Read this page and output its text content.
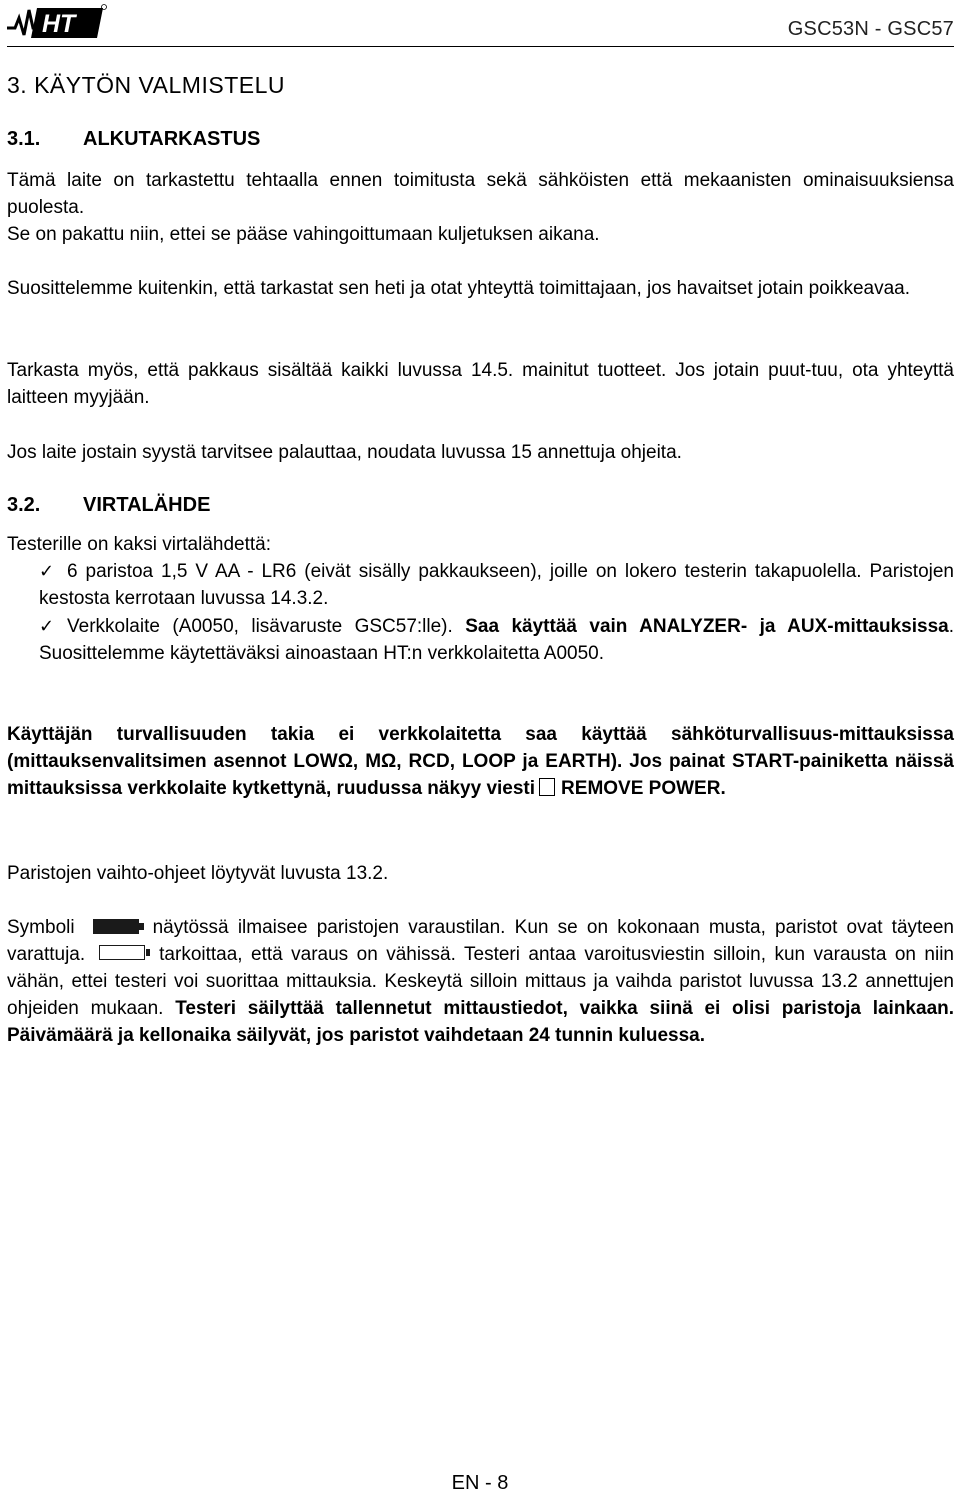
HT	GSC53N - GSC57
3. KÄYTÖN VALMISTELU
3.1.	ALKUTARKASTUS

Tämä laite on tarkastettu tehtaalla ennen toimitusta sekä sähköisten että mekaanisten ominaisuuksiensa puolesta.

Se on pakattu niin, ettei se pääse vahingoittumaan kuljetuksen aikana.

Suosittelemme kuitenkin, että tarkastat sen heti ja otat yhteyttä toimittajaan, jos havaitset jotain poikkeavaa.

Tarkasta myös, että pakkaus sisältää kaikki luvussa 14.5. mainitut tuotteet. Jos jotain puut-tuu, ota yhteyttä laitteen myyjään.

Jos laite jostain syystä tarvitsee palauttaa, noudata luvussa 15 annettuja ohjeita.

3.2.	VIRTALÄHDE

Testerille on kaksi virtalähdettä:

✓ 6 paristoa 1,5 V AA - LR6 (eivät sisälly pakkaukseen), joille on lokero testerin takapuolella. Paristojen kestosta kerrotaan luvussa 14.3.2.
✓ Verkkolaite (A0050, lisävaruste GSC57:lle). Saa käyttää vain ANALYZER- ja AUX-mittauksissa. Suosittelemme käytettäväksi ainoastaan HT:n verkkolaitetta A0050.

Käyttäjän turvallisuuden takia ei verkkolaitetta saa käyttää sähköturvallisuus-mittauksissa (mittauksenvalitsimen asennot LOWΩ, MΩ, RCD, LOOP ja EARTH). Jos painat START-painiketta näissä mittauksissa verkkolaite kytkettynä, ruudussa näkyy viesti REMOVE POWER.

Paristojen vaihto-ohjeet löytyvät luvusta 13.2.

Symboli	näytössä ilmaisee paristojen varaustilan. Kun se on kokonaan musta, paristot ovat täyteen varattuja.	tarkoittaa, että varaus on vähissä. Testeri antaa varoitusviestin silloin, kun varausta on niin vähän, ettei testeri voi suorittaa mittauksia. Keskeytä silloin mittaus ja vaihda paristot luvussa 13.2 annettujen ohjeiden mukaan. Testeri säilyttää tallennetut mittaustiedot, vaikka siinä ei olisi paristoja lainkaan. Päivämäärä ja kellonaika säilyvät, jos paristot vaihdetaan 24 tunnin kuluessa.

EN - 8
